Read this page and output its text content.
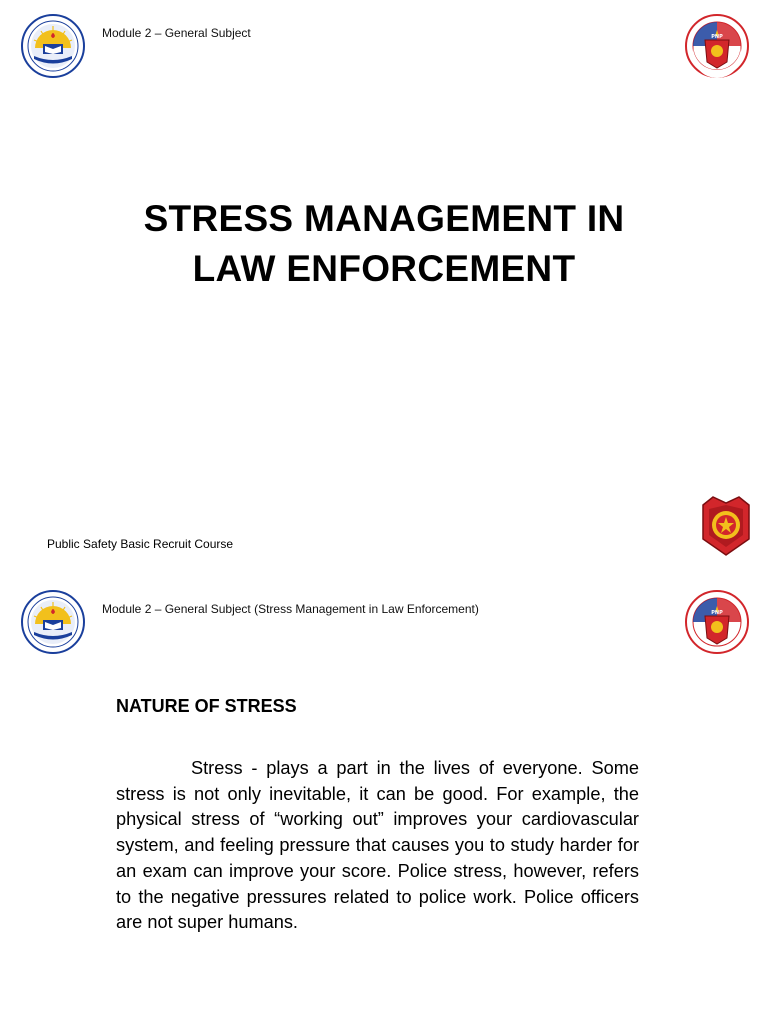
Module 2 – General Subject	PNP
STRESS MANAGEMENT IN
LAW ENFORCEMENT
Public Safety Basic Recruit Course
Module 2 – General Subject (Stress Management in Law Enforcement)	PNP
NATURE OF STRESS
Stress - plays a part in the lives of everyone. Some stress is not only inevitable, it can be good. For example, the physical stress of “working out” improves your cardiovascular system, and feeling pressure that causes you to study harder for an exam can improve your score. Police stress, however, refers to the negative pressures related to police work. Police officers are not super humans.
